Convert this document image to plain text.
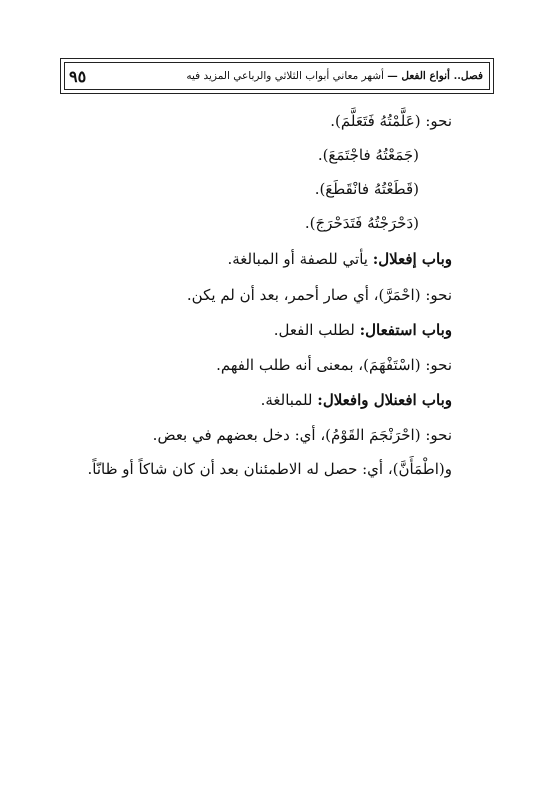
٩٥	فصل.. أنواع الفعل — أشهر معاني أبواب الثلاثي والرباعي المزيد فيه
نحو: (عَلَّمْتُهُ فَتَعَلَّمَ).
(جَمَعْتُهُ فاجْتَمَعَ).
(قَطَعْتُهُ فانْقَطَعَ).
(دَحْرَجْتُهُ فَتَدَحْرَجَ).
وباب إفعلال: يأتي للصفة أو المبالغة.
نحو: (احْمَرَّ)، أي صار أحمر، بعد أن لم يكن.
وباب استفعال: لطلب الفعل.
نحو: (اسْتَفْهَمَ)، بمعنى أنه طلب الفهم.
وباب افعنلال وافعلال: للمبالغة.
نحو: (احْرَنْجَمَ القَوْمُ)، أي: دخل بعضهم في بعض.
و(اطْمَأَنَّ)، أي: حصل له الاطمئنان بعد أن كان شاكاً أو ظانّاً.
